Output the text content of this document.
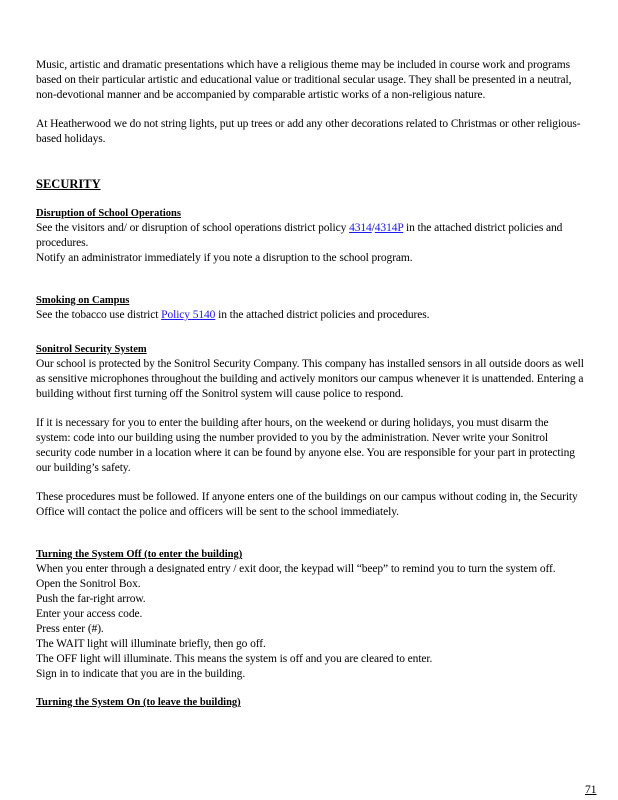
Music, artistic and dramatic presentations which have a religious theme may be included in course work and programs based on their particular artistic and educational value or traditional secular usage. They shall be presented in a neutral, non-devotional manner and be accompanied by comparable artistic works of a non-religious nature.

At Heatherwood we do not string lights, put up trees or add any other decorations related to Christmas or other religious-based holidays.

SECURITY
Disruption of School Operations

See the visitors and/ or disruption of school operations district policy 4314/4314P in the attached district policies and procedures.

Notify an administrator immediately if you note a disruption to the school program.

Smoking on Campus

See the tobacco use district Policy 5140 in the attached district policies and procedures.

Sonitrol Security System

Our school is protected by the Sonitrol Security Company. This company has installed sensors in all outside doors as well as sensitive microphones throughout the building and actively monitors our campus whenever it is unattended. Entering a building without first turning off the Sonitrol system will cause police to respond.

If it is necessary for you to enter the building after hours, on the weekend or during holidays, you must disarm the system: code into our building using the number provided to you by the administration. Never write your Sonitrol security code number in a location where it can be found by anyone else. You are responsible for your part in protecting our building’s safety.

These procedures must be followed. If anyone enters one of the buildings on our campus without coding in, the Security Office will contact the police and officers will be sent to the school immediately.

Turning the System Off (to enter the building)

When you enter through a designated entry / exit door, the keypad will “beep” to remind you to turn the system off.

Open the Sonitrol Box.

Push the far-right arrow.

Enter your access code.

Press enter (#).

The WAIT light will illuminate briefly, then go off.

The OFF light will illuminate. This means the system is off and you are cleared to enter.

Sign in to indicate that you are in the building.

Turning the System On (to leave the building)
71
